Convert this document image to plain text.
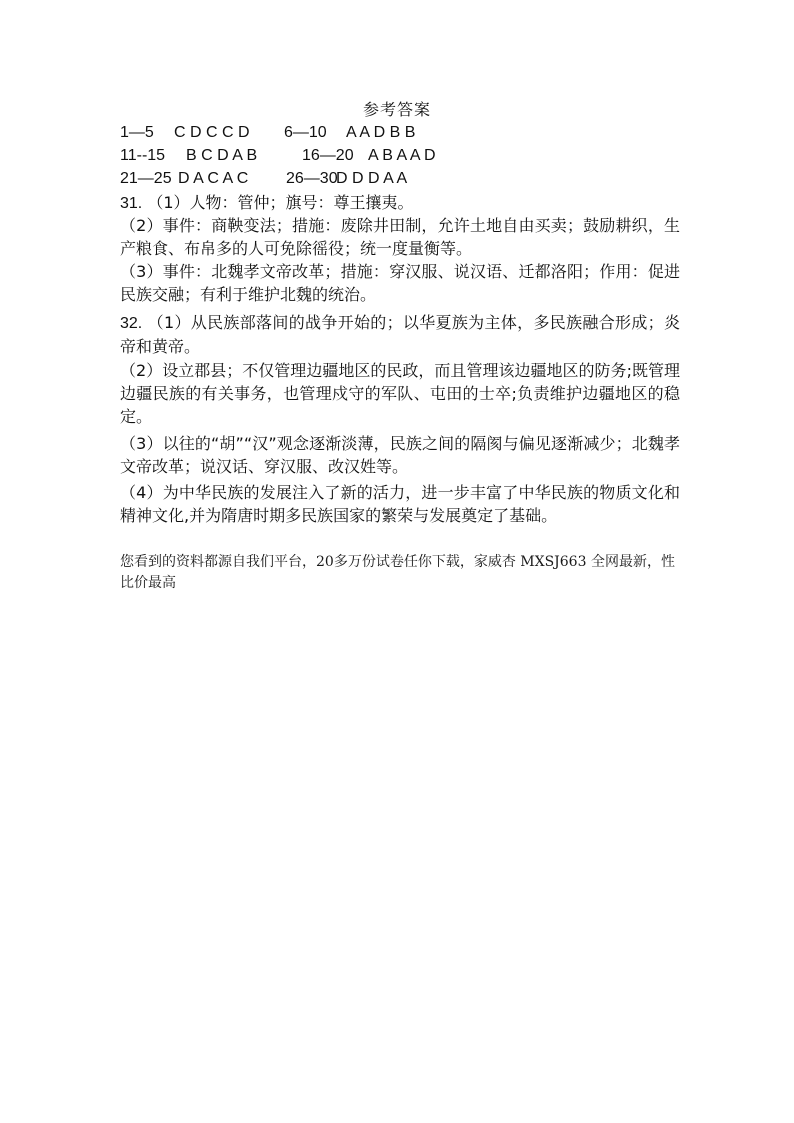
参考答案

1—5

C D C C D

6—10

A A D B B

11--15

B C D A B

	16—20

A B A A D

21—25

D A C A C

26—30

D D D A A

31. （1）人物：管仲；旗号：尊王攘夷。
（2）事件：商鞅变法；措施：废除井田制，允许土地自由买卖；鼓励耕织，生产粮食、布帛多的人可免除徭役；统一度量衡等。
（3）事件：北魏孝文帝改革；措施：穿汉服、说汉语、迁都洛阳；作用：促进民族交融；有利于维护北魏的统治。
32. （1）从民族部落间的战争开始的；以华夏族为主体，多民族融合形成；炎帝和黄帝。
（2）设立郡县；不仅管理边疆地区的民政，而且管理该边疆地区的防务;既管理边疆民族的有关事务，也管理戍守的军队、屯田的士卒;负责维护边疆地区的稳定。
（3）以往的“胡”“汉”观念逐渐淡薄，民族之间的隔阂与偏见逐渐减少；北魏孝文帝改革；说汉话、穿汉服、改汉姓等。
（4）为中华民族的发展注入了新的活力，进一步丰富了中华民族的物质文化和精神文化,并为隋唐时期多民族国家的繁荣与发展奠定了基础。
您看到的资料都源自我们平台，20多万份试卷任你下载，家威杏 MXSJ663 全网最新，性比价最高
